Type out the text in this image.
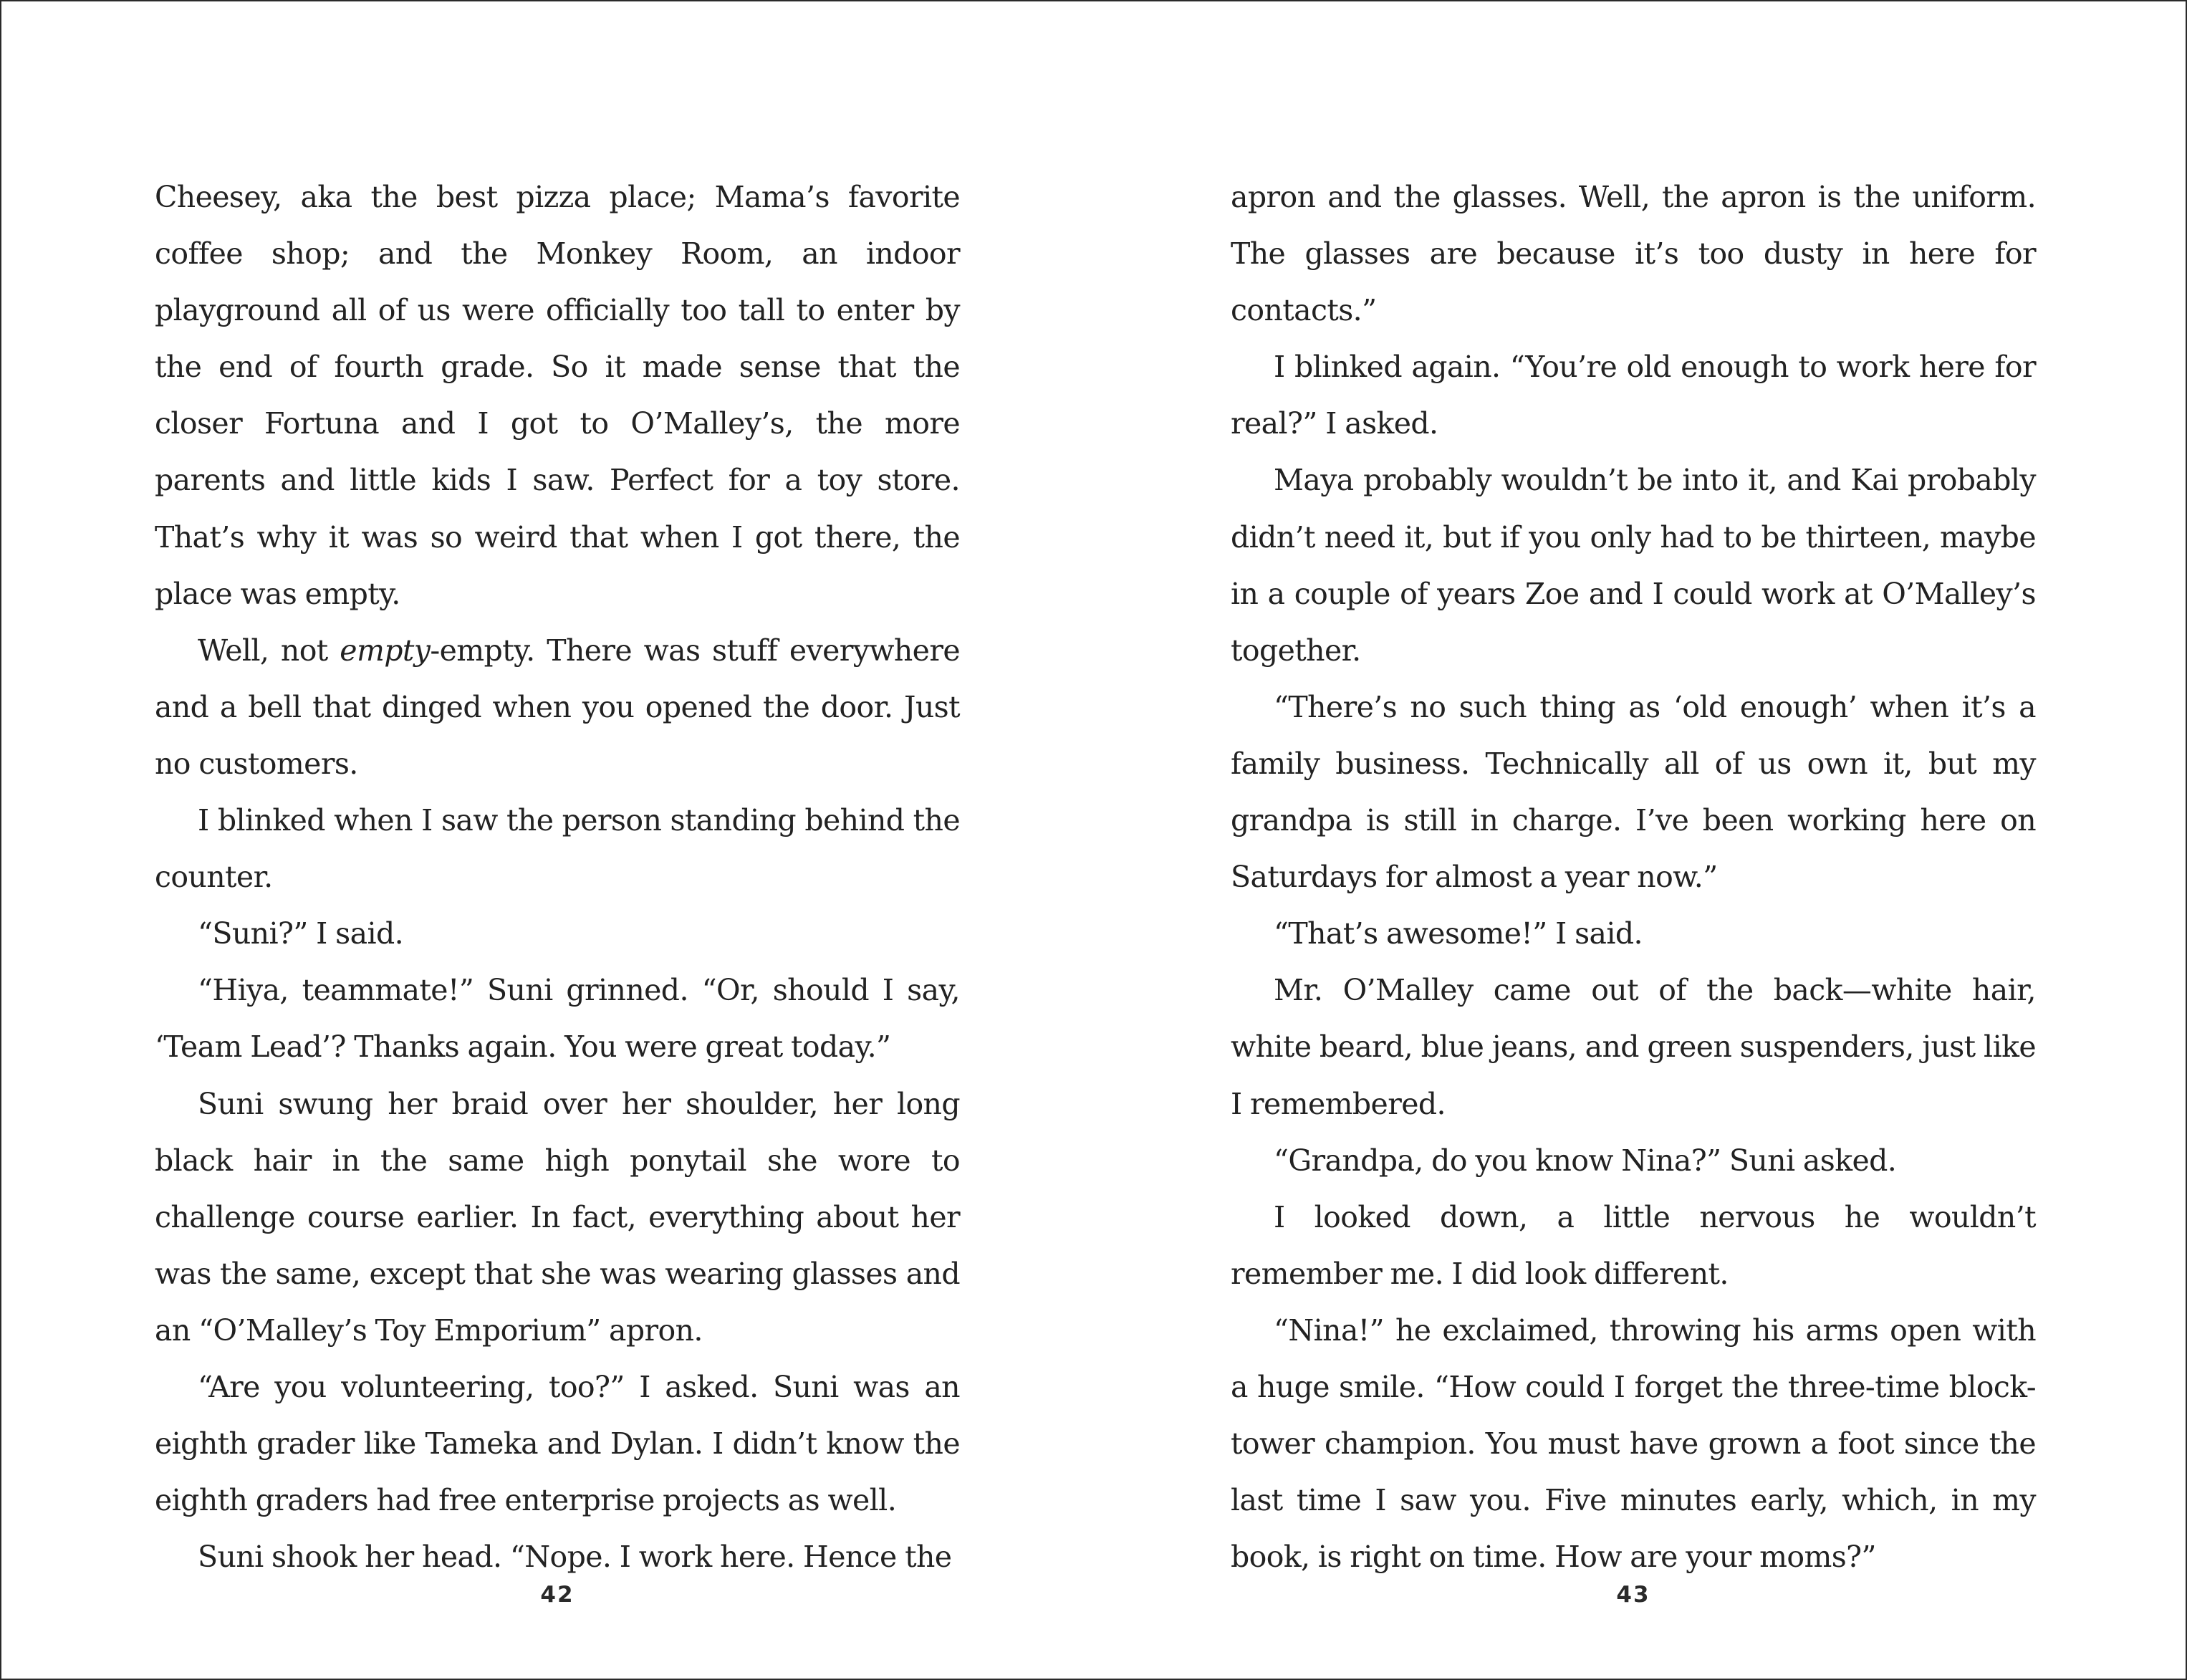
Cheesey, aka the best pizza place; Mama’s favorite coffee shop; and the Monkey Room, an indoor playground all of us were officially too tall to enter by the end of fourth grade. So it made sense that the closer Fortuna and I got to O’Malley’s, the more parents and little kids I saw. Perfect for a toy store. That’s why it was so weird that when I got there, the place was empty.

Well, not empty-empty. There was stuff everywhere and a bell that dinged when you opened the door. Just no customers.

I blinked when I saw the person standing behind the counter.

“Suni?” I said.

“Hiya, teammate!” Suni grinned. “Or, should I say, ‘Team Lead’? Thanks again. You were great today.”

Suni swung her braid over her shoulder, her long black hair in the same high ponytail she wore to challenge course earlier. In fact, everything about her was the same, except that she was wearing glasses and an “O’Malley’s Toy Emporium” apron.

“Are you volunteering, too?” I asked. Suni was an eighth grader like Tameka and Dylan. I didn’t know the eighth graders had free enterprise projects as well.

Suni shook her head. “Nope. I work here. Hence the

42

apron and the glasses. Well, the apron is the uniform. The glasses are because it’s too dusty in here for contacts.”

I blinked again. “You’re old enough to work here for real?” I asked.

Maya probably wouldn’t be into it, and Kai probably didn’t need it, but if you only had to be thirteen, maybe in a couple of years Zoe and I could work at O’Malley’s together.

“There’s no such thing as ‘old enough’ when it’s a family business. Technically all of us own it, but my grandpa is still in charge. I’ve been working here on Saturdays for almost a year now.”

“That’s awesome!” I said.

Mr. O’Malley came out of the back—white hair, white beard, blue jeans, and green suspenders, just like I remembered.

“Grandpa, do you know Nina?” Suni asked.

I looked down, a little nervous he wouldn’t remember me. I did look different.

“Nina!” he exclaimed, throwing his arms open with a huge smile. “How could I forget the three-time block-tower champion. You must have grown a foot since the last time I saw you. Five minutes early, which, in my book, is right on time. How are your moms?”

43
